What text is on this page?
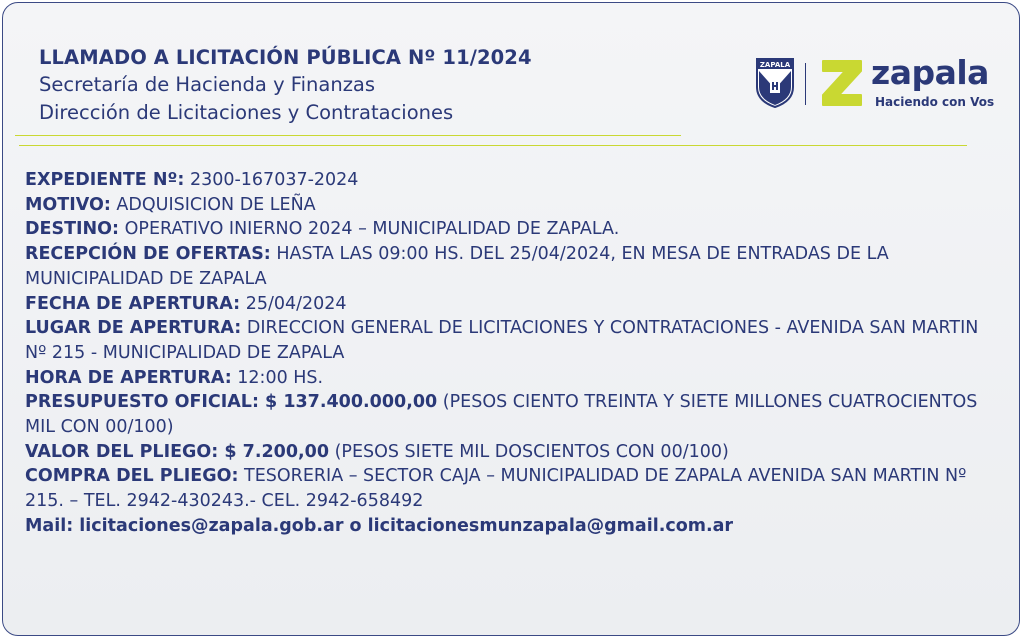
LLAMADO A LICITACIÓN PÚBLICA Nº 11/2024
Secretaría de Hacienda y Finanzas
Dirección de Licitaciones y Contrataciones
ZAPALA zapala
Haciendo con Vos

EXPEDIENTE Nº: 2300-167037-2024

MOTIVO: ADQUISICION DE LEÑA

DESTINO: OPERATIVO INIERNO 2024 – MUNICIPALIDAD DE ZAPALA.

RECEPCIÓN DE OFERTAS: HASTA LAS 09:00 HS. DEL 25/04/2024, EN MESA DE ENTRADAS DE LA MUNICIPALIDAD DE ZAPALA

FECHA DE APERTURA: 25/04/2024

LUGAR DE APERTURA: DIRECCION GENERAL DE LICITACIONES Y CONTRATACIONES - AVENIDA SAN MARTIN Nº 215 - MUNICIPALIDAD DE ZAPALA

HORA DE APERTURA: 12:00 HS.

PRESUPUESTO OFICIAL: $ 137.400.000,00 (PESOS CIENTO TREINTA Y SIETE MILLONES CUATROCIENTOS MIL CON 00/100)

VALOR DEL PLIEGO: $ 7.200,00 (PESOS SIETE MIL DOSCIENTOS CON 00/100)

COMPRA DEL PLIEGO: TESORERIA – SECTOR CAJA – MUNICIPALIDAD DE ZAPALA AVENIDA SAN MARTIN Nº 215. – TEL. 2942-430243.- CEL. 2942-658492

Mail: licitaciones@zapala.gob.ar o licitacionesmunzapala@gmail.com.ar
